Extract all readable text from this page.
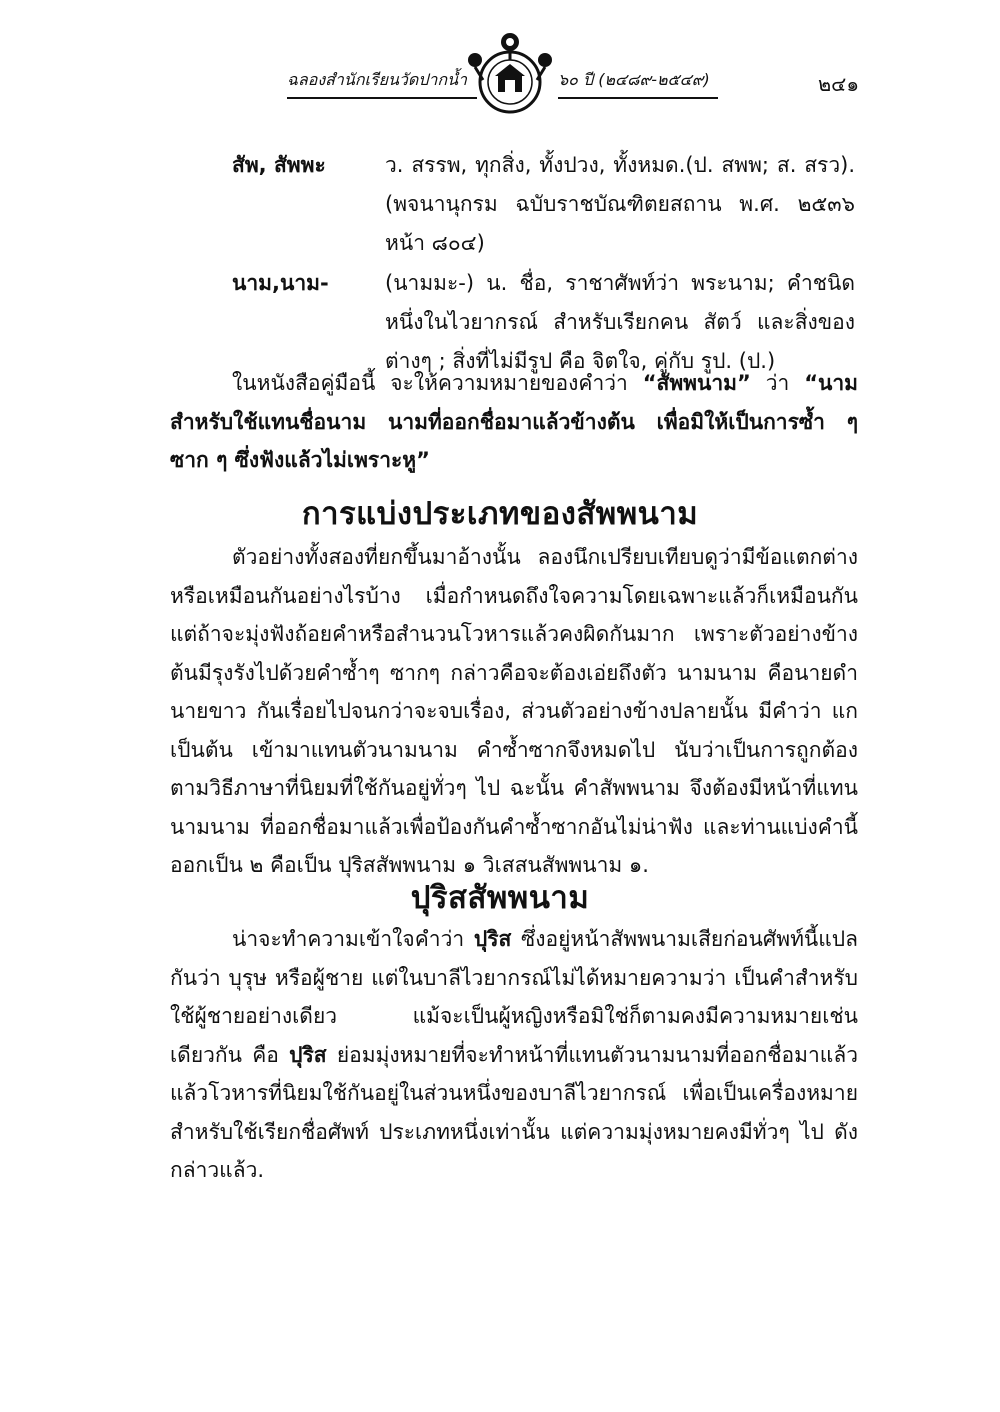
ฉลองสำนักเรียนวัดปากน้ำ	๖๐ ปี (๒๔๘๙-๒๕๔๙)	๒๔๑
สัพ, สัพพะ	ว. สรรพ, ทุกสิ่ง, ทั้งปวง, ทั้งหมด.(ป. สพพ; ส. สรว). (พจนานุกรม ฉบับราชบัณฑิตยสถาน พ.ศ. ๒๕๓๖ หน้า ๘๐๔)
นาม,นาม-	(นามมะ-) น. ชื่อ, ราชาศัพท์ว่า พระนาม; คำชนิดหนึ่งในไวยากรณ์ สำหรับเรียกคน สัตว์ และสิ่งของต่างๆ ; สิ่งที่ไม่มีรูป คือ จิตใจ, คู่กับ รูป. (ป.)
ในหนังสือคู่มือนี้ จะให้ความหมายของคำว่า “สัพพนาม” ว่า “นามสำหรับใช้แทนชื่อนาม นามที่ออกชื่อมาแล้วข้างต้น เพื่อมิให้เป็นการซ้ำ ๆ ซาก ๆ ซึ่งฟังแล้วไม่เพราะหู”
การแบ่งประเภทของสัพพนาม
ตัวอย่างทั้งสองที่ยกขึ้นมาอ้างนั้น ลองนึกเปรียบเทียบดูว่ามีข้อแตกต่างหรือเหมือนกันอย่างไรบ้าง เมื่อกำหนดถึงใจความโดยเฉพาะแล้วก็เหมือนกัน แต่ถ้าจะมุ่งฟังถ้อยคำหรือสำนวนโวหารแล้วคงผิดกันมาก เพราะตัวอย่างข้างต้นมีรุงรังไปด้วยคำซ้ำๆ ซากๆ กล่าวคือจะต้องเอ่ยถึงตัว นามนาม คือนายดำ นายขาว กันเรื่อยไปจนกว่าจะจบเรื่อง, ส่วนตัวอย่างข้างปลายนั้น มีคำว่า แก เป็นต้น เข้ามาแทนตัวนามนาม คำซ้ำซากจึงหมดไป นับว่าเป็นการถูกต้องตามวิธีภาษาที่นิยมที่ใช้กันอยู่ทั่วๆ ไป ฉะนั้น คำสัพพนาม จึงต้องมีหน้าที่แทน นามนาม ที่ออกชื่อมาแล้วเพื่อป้องกันคำซ้ำซากอันไม่น่าฟัง และท่านแบ่งคำนี้ออกเป็น ๒ คือเป็น ปุริสสัพพนาม ๑ วิเสสนสัพพนาม ๑.
ปุริสสัพพนาม
น่าจะทำความเข้าใจคำว่า ปุริส ซึ่งอยู่หน้าสัพพนามเสียก่อนศัพท์นี้แปลกันว่า บุรุษ หรือผู้ชาย แต่ในบาลีไวยากรณ์ไม่ได้หมายความว่า เป็นคำสำหรับใช้ผู้ชายอย่างเดียว แม้จะเป็นผู้หญิงหรือมิใช่ก็ตามคงมีความหมายเช่นเดียวกัน คือ ปุริส ย่อมมุ่งหมายที่จะทำหน้าที่แทนตัวนามนามที่ออกชื่อมาแล้ว แล้วโวหารที่นิยมใช้กันอยู่ในส่วนหนึ่งของบาลีไวยากรณ์ เพื่อเป็นเครื่องหมายสำหรับใช้เรียกชื่อศัพท์ ประเภทหนึ่งเท่านั้น แต่ความมุ่งหมายคงมีทั่วๆ ไป ดังกล่าวแล้ว.
